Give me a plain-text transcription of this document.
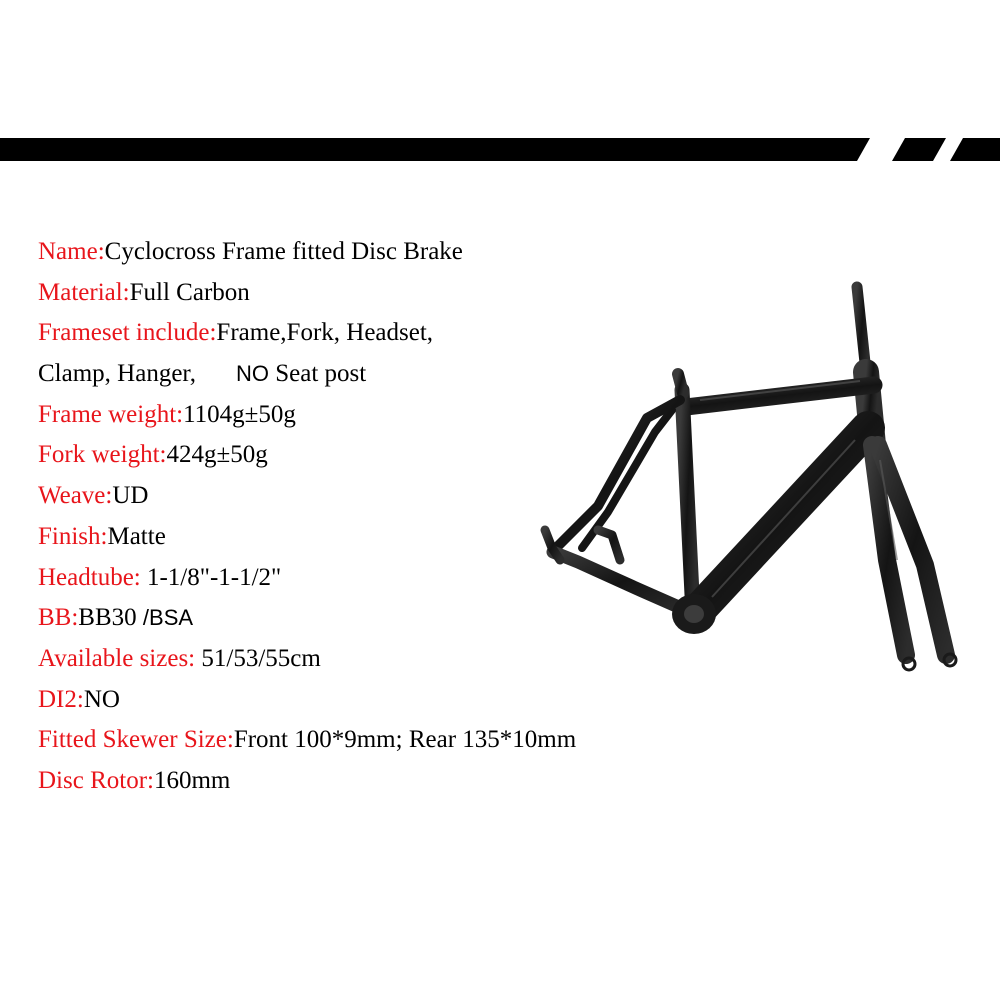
Name:Cyclocross Frame fitted Disc Brake
Material:Full Carbon
Frameset include:Frame,Fork, Headset,
Clamp, Hanger, NO Seat post
Frame weight:1104g±50g
Fork weight:424g±50g
Weave:UD
Finish:Matte
Headtube: 1-1/8"-1-1/2"
BB:BB30 /BSA
Available sizes: 51/53/55cm
DI2:NO
Fitted Skewer Size:Front 100*9mm; Rear 135*10mm
Disc Rotor:160mm
